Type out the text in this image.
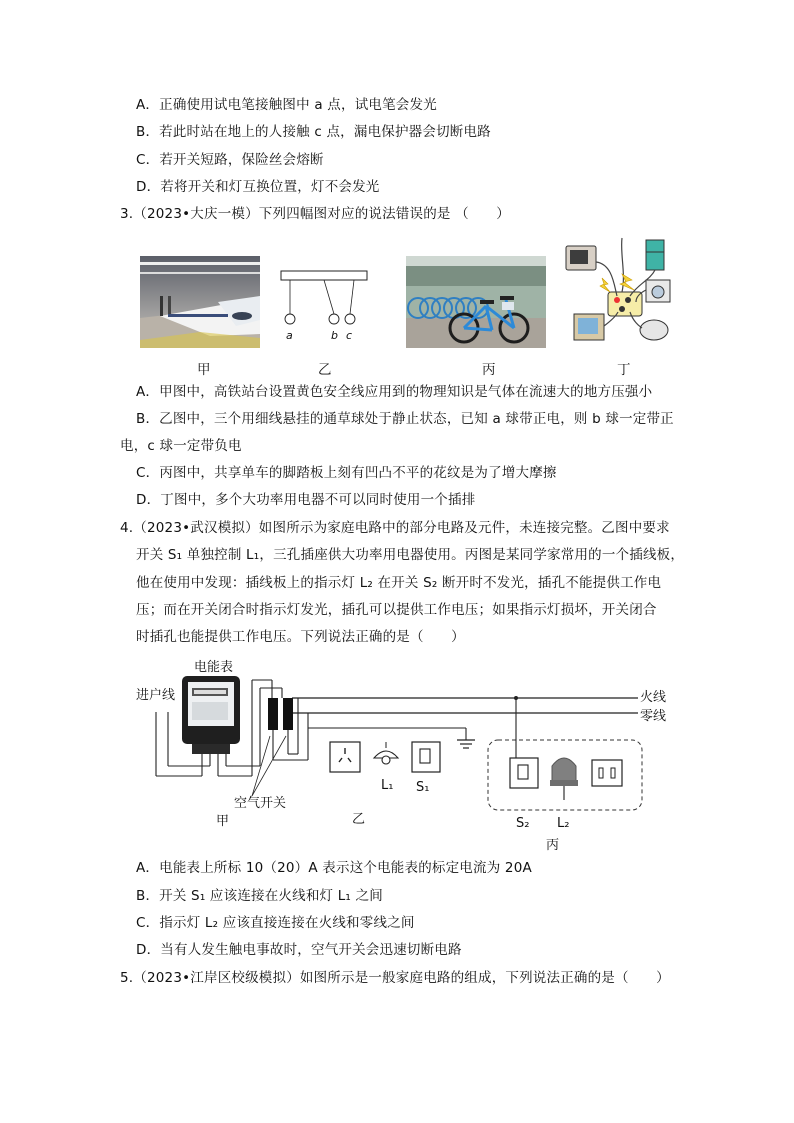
A．正确使用试电笔接触图中 a 点，试电笔会发光
B．若此时站在地上的人接触 c 点，漏电保护器会切断电路
C．若开关短路，保险丝会熔断
D．若将开关和灯互换位置，灯不会发光
3.（2023•大庆一模）下列四幅图对应的说法错误的是 （　　）
甲
a	b c
乙	丙	丁
A．甲图中，高铁站台设置黄色安全线应用到的物理知识是气体在流速大的地方压强小
B．乙图中，三个用细线悬挂的通草球处于静止状态，已知 a 球带正电，则 b 球一定带正
电，c 球一定带负电
C．丙图中，共享单车的脚踏板上刻有凹凸不平的花纹是为了增大摩擦
D．丁图中，多个大功率用电器不可以同时使用一个插排
4.（2023•武汉模拟）如图所示为家庭电路中的部分电路及元件，未连接完整。乙图中要求
开关 S₁ 单独控制 L₁，三孔插座供大功率用电器使用。丙图是某同学家常用的一个插线板，
他在使用中发现：插线板上的指示灯 L₂ 在开关 S₂ 断开时不发光，插孔不能提供工作电
压；而在开关闭合时指示灯发光，插孔可以提供工作电压；如果指示灯损坏，开关闭合
时插孔也能提供工作电压。下列说法正确的是（　　）
电能表
进户线	火线
零线
空气开关
甲	乙
L₁ S₁
S₂ L₂
丙
A．电能表上所标 10（20）A 表示这个电能表的标定电流为 20A
B．开关 S₁ 应该连接在火线和灯 L₁ 之间
C．指示灯 L₂ 应该直接连接在火线和零线之间
D．当有人发生触电事故时，空气开关会迅速切断电路
5.（2023•江岸区校级模拟）如图所示是一般家庭电路的组成，下列说法正确的是（　　）
